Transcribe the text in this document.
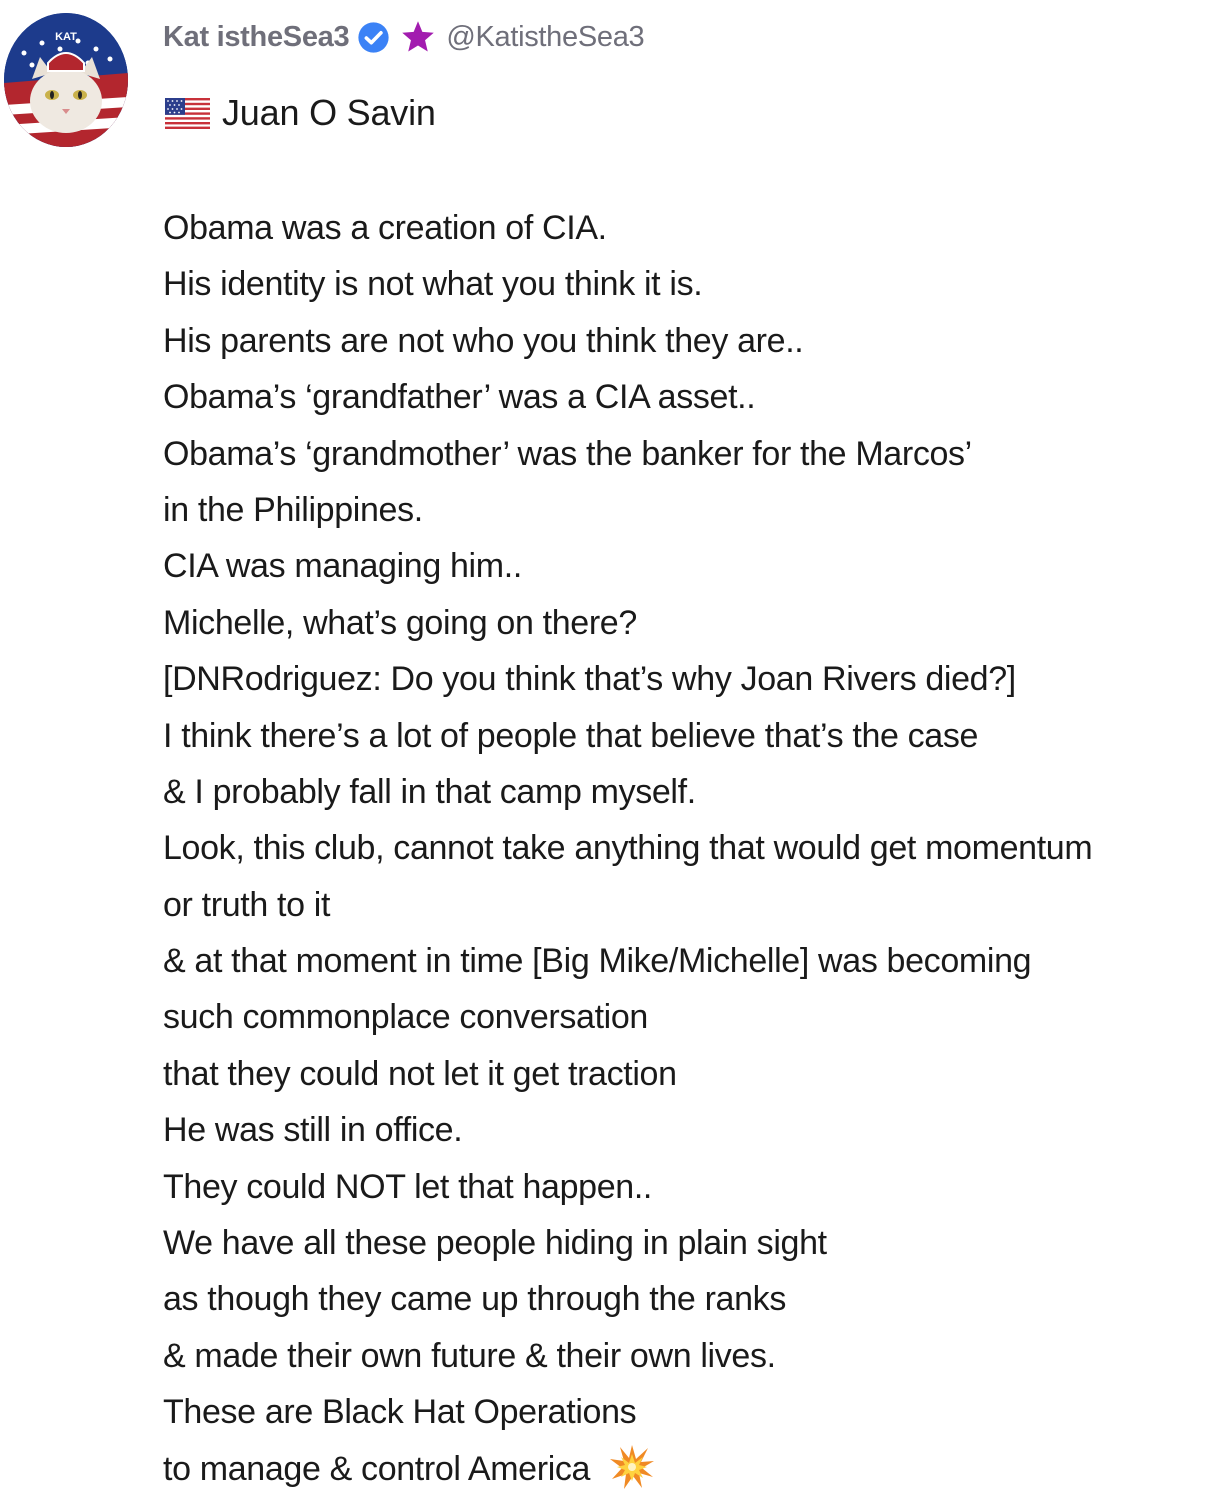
KAT	Kat istheSea3	@KatistheSea3
Juan O Savin
Obama was a creation of CIA.
His identity is not what you think it is.
His parents are not who you think they are..
Obama’s ‘grandfather’ was a CIA asset..
Obama’s ‘grandmother’ was the banker for the Marcos’
in the Philippines.
CIA was managing him..
Michelle, what’s going on there?
[DNRodriguez: Do you think that’s why Joan Rivers died?]
I think there’s a lot of people that believe that’s the case
& I probably fall in that camp myself.
Look, this club, cannot take anything that would get momentum
or truth to it
& at that moment in time [Big Mike/Michelle] was becoming
such commonplace conversation
that they could not let it get traction
He was still in office.
They could NOT let that happen..
We have all these people hiding in plain sight
as though they came up through the ranks
& made their own future & their own lives.
These are Black Hat Operations
to manage & control America
